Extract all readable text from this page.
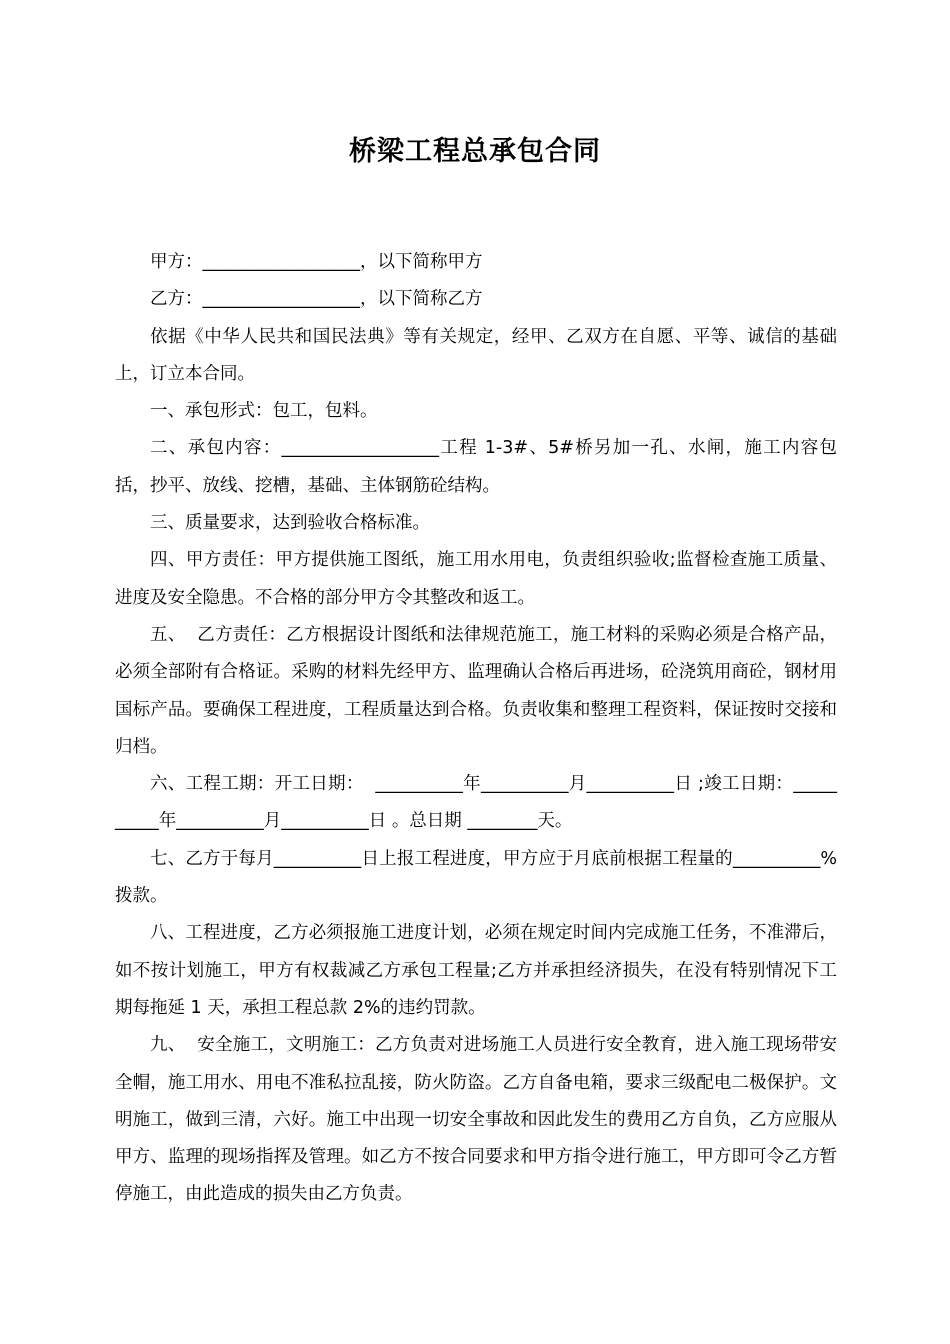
桥梁工程总承包合同

甲方：__________________，以下简称甲方

乙方：__________________，以下简称乙方

依据《中华人民共和国民法典》等有关规定，经甲、乙双方在自愿、平等、诚信的基础上，订立本合同。

一、承包形式：包工，包料。

二、承包内容：__________________工程 1-3#、5#桥另加一孔、水闸，施工内容包括，抄平、放线、挖槽，基础、主体钢筋砼结构。

三、质量要求，达到验收合格标准。

四、甲方责任：甲方提供施工图纸，施工用水用电，负责组织验收;监督检查施工质量、进度及安全隐患。不合格的部分甲方令其整改和返工。

五、  乙方责任：乙方根据设计图纸和法律规范施工，施工材料的采购必须是合格产品，必须全部附有合格证。采购的材料先经甲方、监理确认合格后再进场，砼浇筑用商砼，钢材用国标产品。要确保工程进度，工程质量达到合格。负责收集和整理工程资料，保证按时交接和归档。

六、工程工期：开工日期：  __________年__________月__________日 ;竣工日期：__________年__________月__________日 。总日期 ________天。

七、乙方于每月__________日上报工程进度，甲方应于月底前根据工程量的__________%拨款。

八、工程进度，乙方必须报施工进度计划，必须在规定时间内完成施工任务，不准滞后，如不按计划施工，甲方有权裁减乙方承包工程量;乙方并承担经济损失，在没有特别情况下工期每拖延 1 天，承担工程总款 2%的违约罚款。

九、  安全施工，文明施工：乙方负责对进场施工人员进行安全教育，进入施工现场带安全帽，施工用水、用电不准私拉乱接，防火防盗。乙方自备电箱，要求三级配电二极保护。文明施工，做到三清，六好。施工中出现一切安全事故和因此发生的费用乙方自负，乙方应服从甲方、监理的现场指挥及管理。如乙方不按合同要求和甲方指令进行施工，甲方即可令乙方暂停施工，由此造成的损失由乙方负责。
